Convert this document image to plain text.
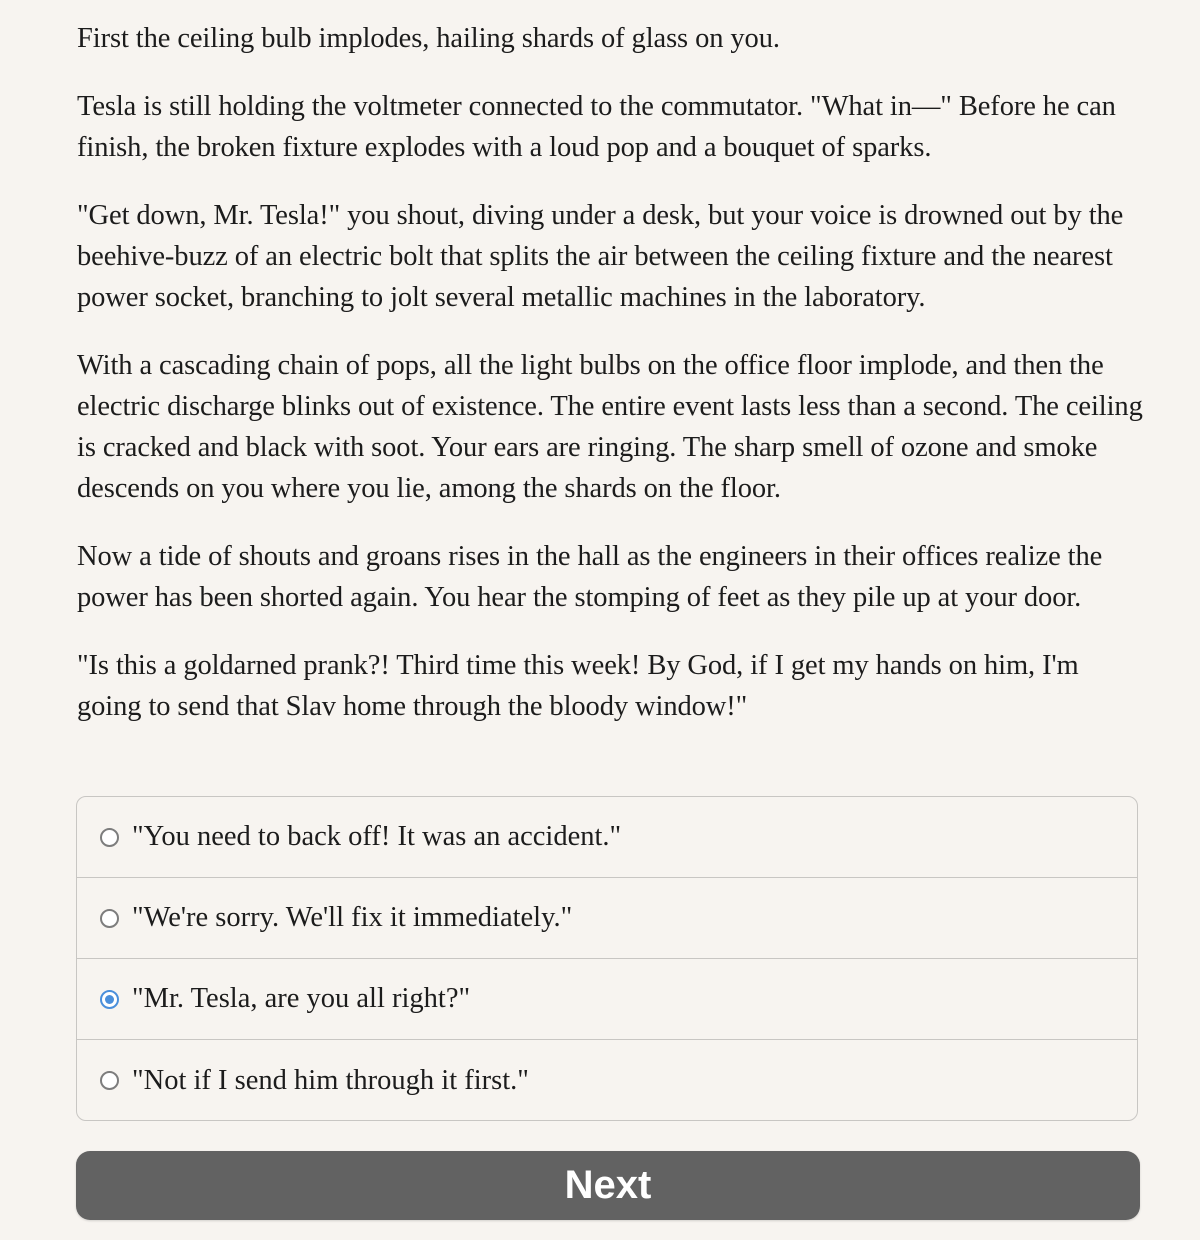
First the ceiling bulb implodes, hailing shards of glass on you.

Tesla is still holding the voltmeter connected to the commutator. "What in—" Before he can finish, the broken fixture explodes with a loud pop and a bouquet of sparks.

"Get down, Mr. Tesla!" you shout, diving under a desk, but your voice is drowned out by the beehive-buzz of an electric bolt that splits the air between the ceiling fixture and the nearest power socket, branching to jolt several metallic machines in the laboratory.

With a cascading chain of pops, all the light bulbs on the office floor implode, and then the electric discharge blinks out of existence. The entire event lasts less than a second. The ceiling is cracked and black with soot. Your ears are ringing. The sharp smell of ozone and smoke descends on you where you lie, among the shards on the floor.

Now a tide of shouts and groans rises in the hall as the engineers in their offices realize the power has been shorted again. You hear the stomping of feet as they pile up at your door.

"Is this a goldarned prank?! Third time this week! By God, if I get my hands on him, I'm going to send that Slav home through the bloody window!"

"You need to back off! It was an accident."
"We're sorry. We'll fix it immediately."
"Mr. Tesla, are you all right?"
"Not if I send him through it first."
Next
